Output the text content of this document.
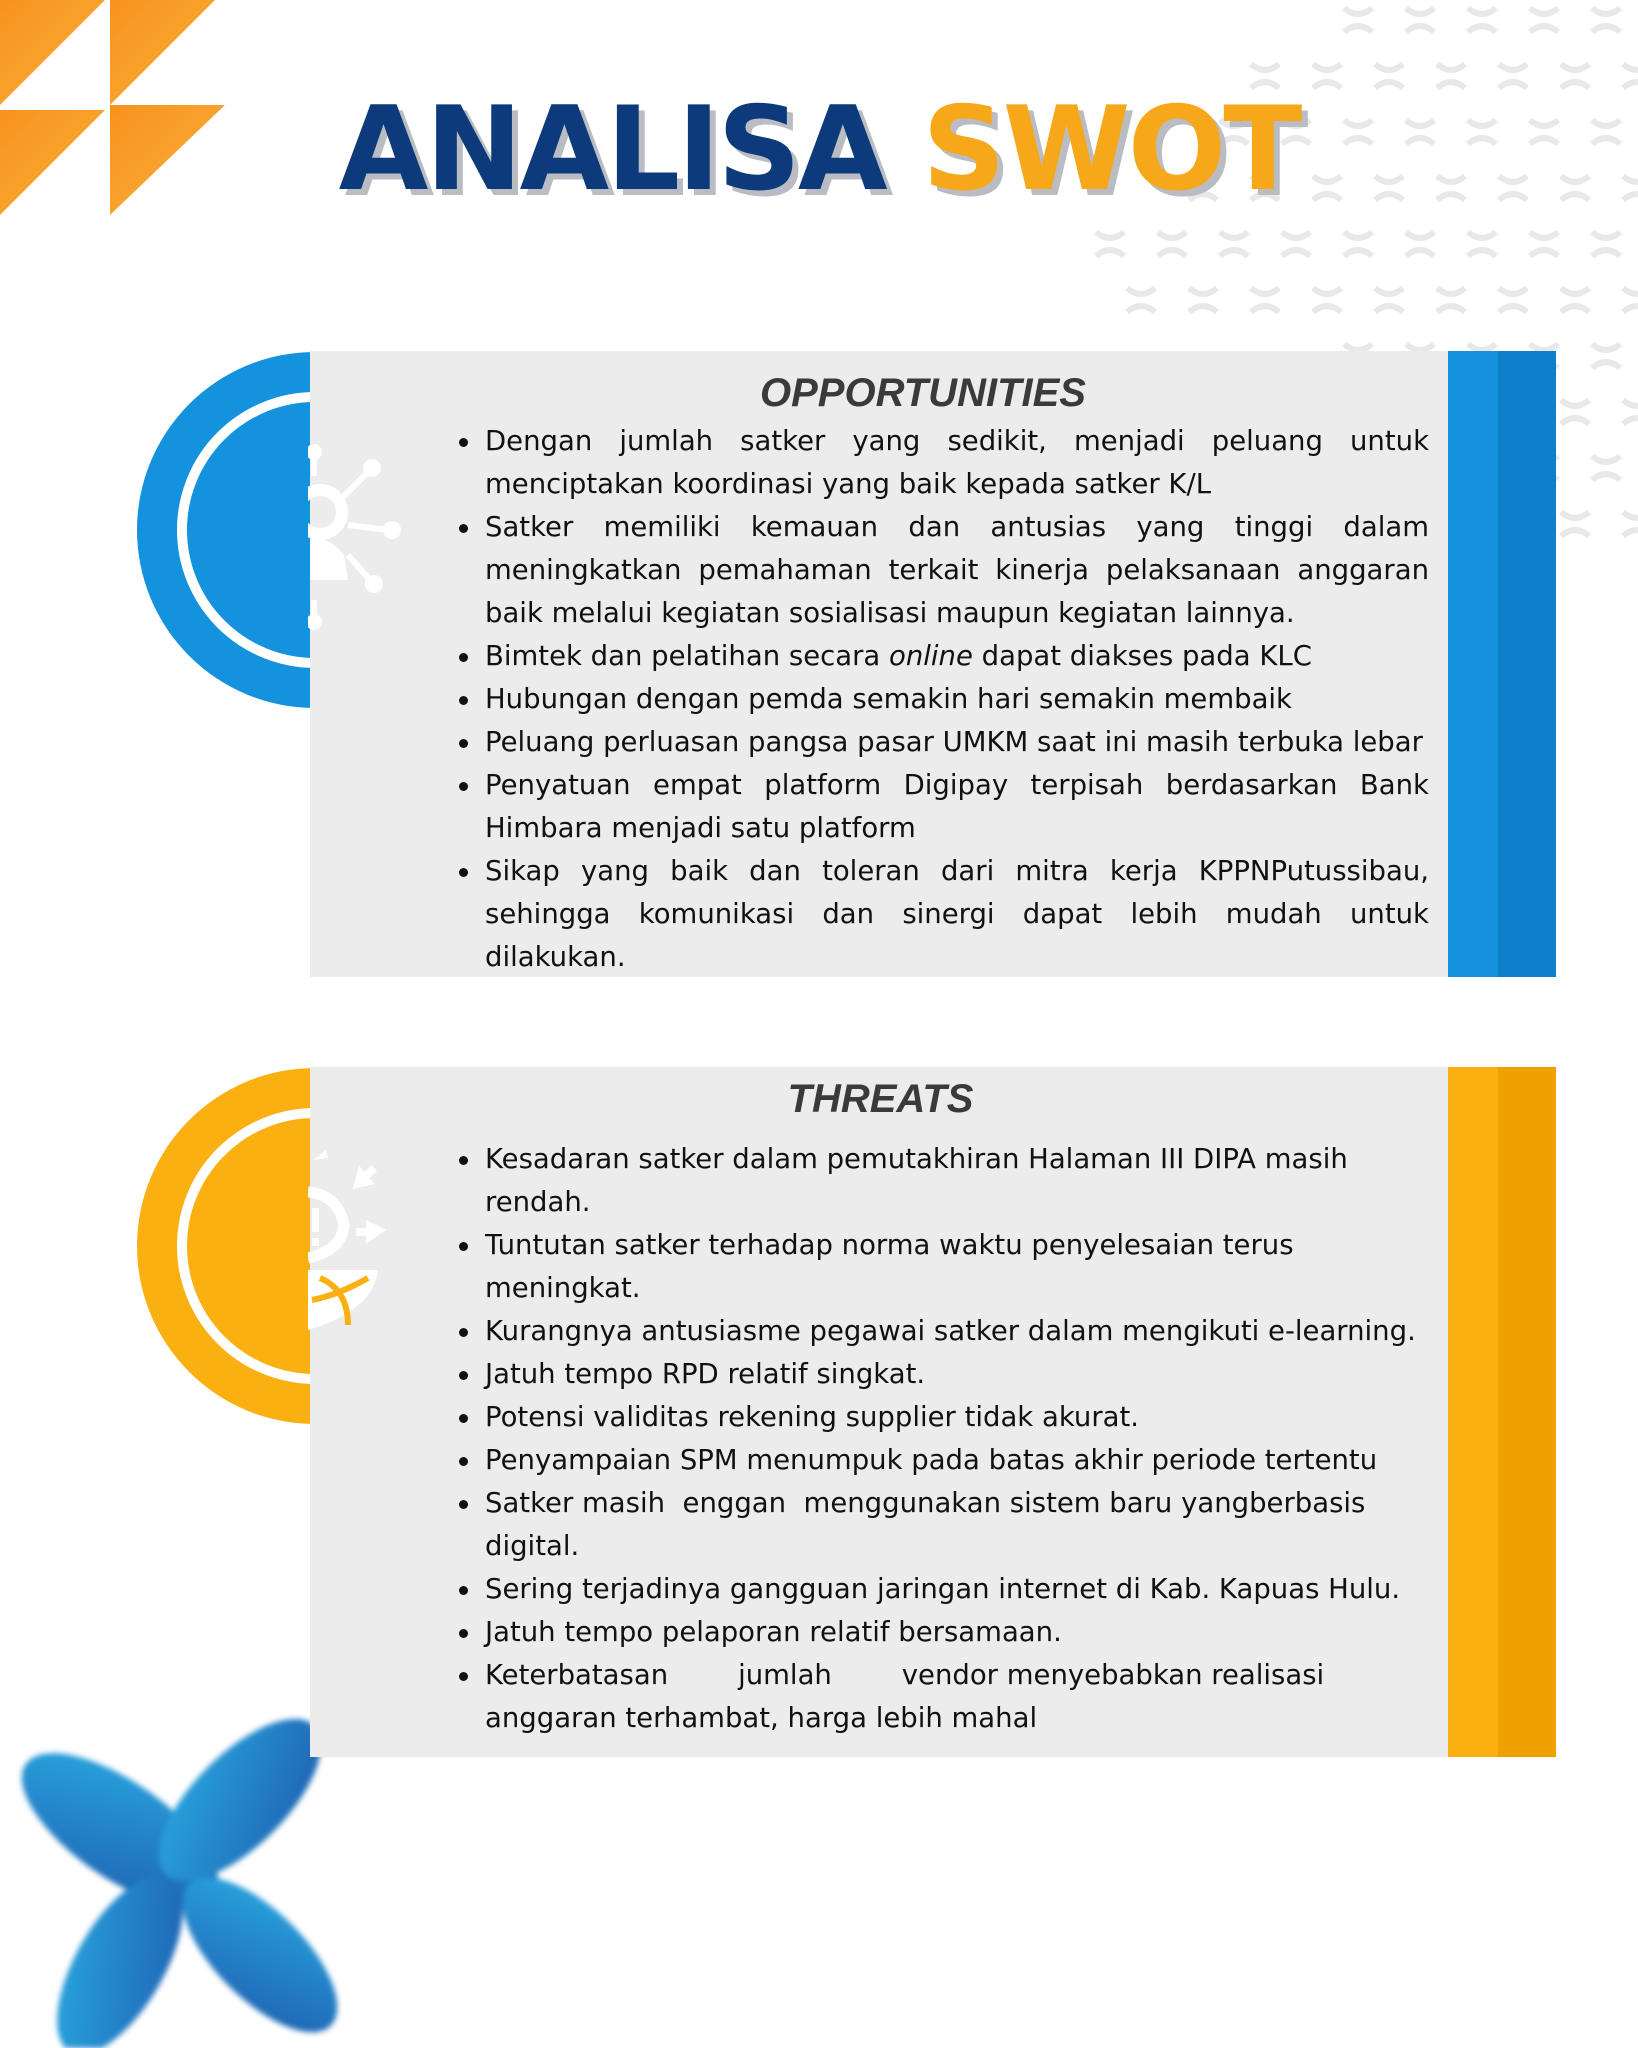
ANALISA SWOT
OPPORTUNITIES
Dengan jumlah satker yang sedikit, menjadi peluang untuk menciptakan koordinasi yang baik kepada satker K/L
Satker memiliki kemauan dan antusias yang tinggi dalam meningkatkan pemahaman terkait kinerja pelaksanaan anggaran baik melalui kegiatan sosialisasi maupun kegiatan lainnya.
Bimtek dan pelatihan secara online dapat diakses pada KLC
Hubungan dengan pemda semakin hari semakin membaik
Peluang perluasan pangsa pasar UMKM saat ini masih terbuka lebar
Penyatuan empat platform Digipay terpisah berdasarkan Bank Himbara menjadi satu platform
Sikap yang baik dan toleran dari mitra kerja KPPNPutussibau, sehingga komunikasi dan sinergi dapat lebih mudah untuk dilakukan.
THREATS
Kesadaran satker dalam pemutakhiran Halaman III DIPA masih rendah.
Tuntutan satker terhadap norma waktu penyelesaian terus meningkat.
Kurangnya antusiasme pegawai satker dalam mengikuti e-learning.
Jatuh tempo RPD relatif singkat.
Potensi validitas rekening supplier tidak akurat.
Penyampaian SPM menumpuk pada batas akhir periode tertentu
Satker masih  enggan  menggunakan sistem baru yangberbasis digital.
Sering terjadinya gangguan jaringan internet di Kab. Kapuas Hulu.
Jatuh tempo pelaporan relatif bersamaan.
Keterbatasan        jumlah        vendor menyebabkan realisasi anggaran terhambat, harga lebih mahal
